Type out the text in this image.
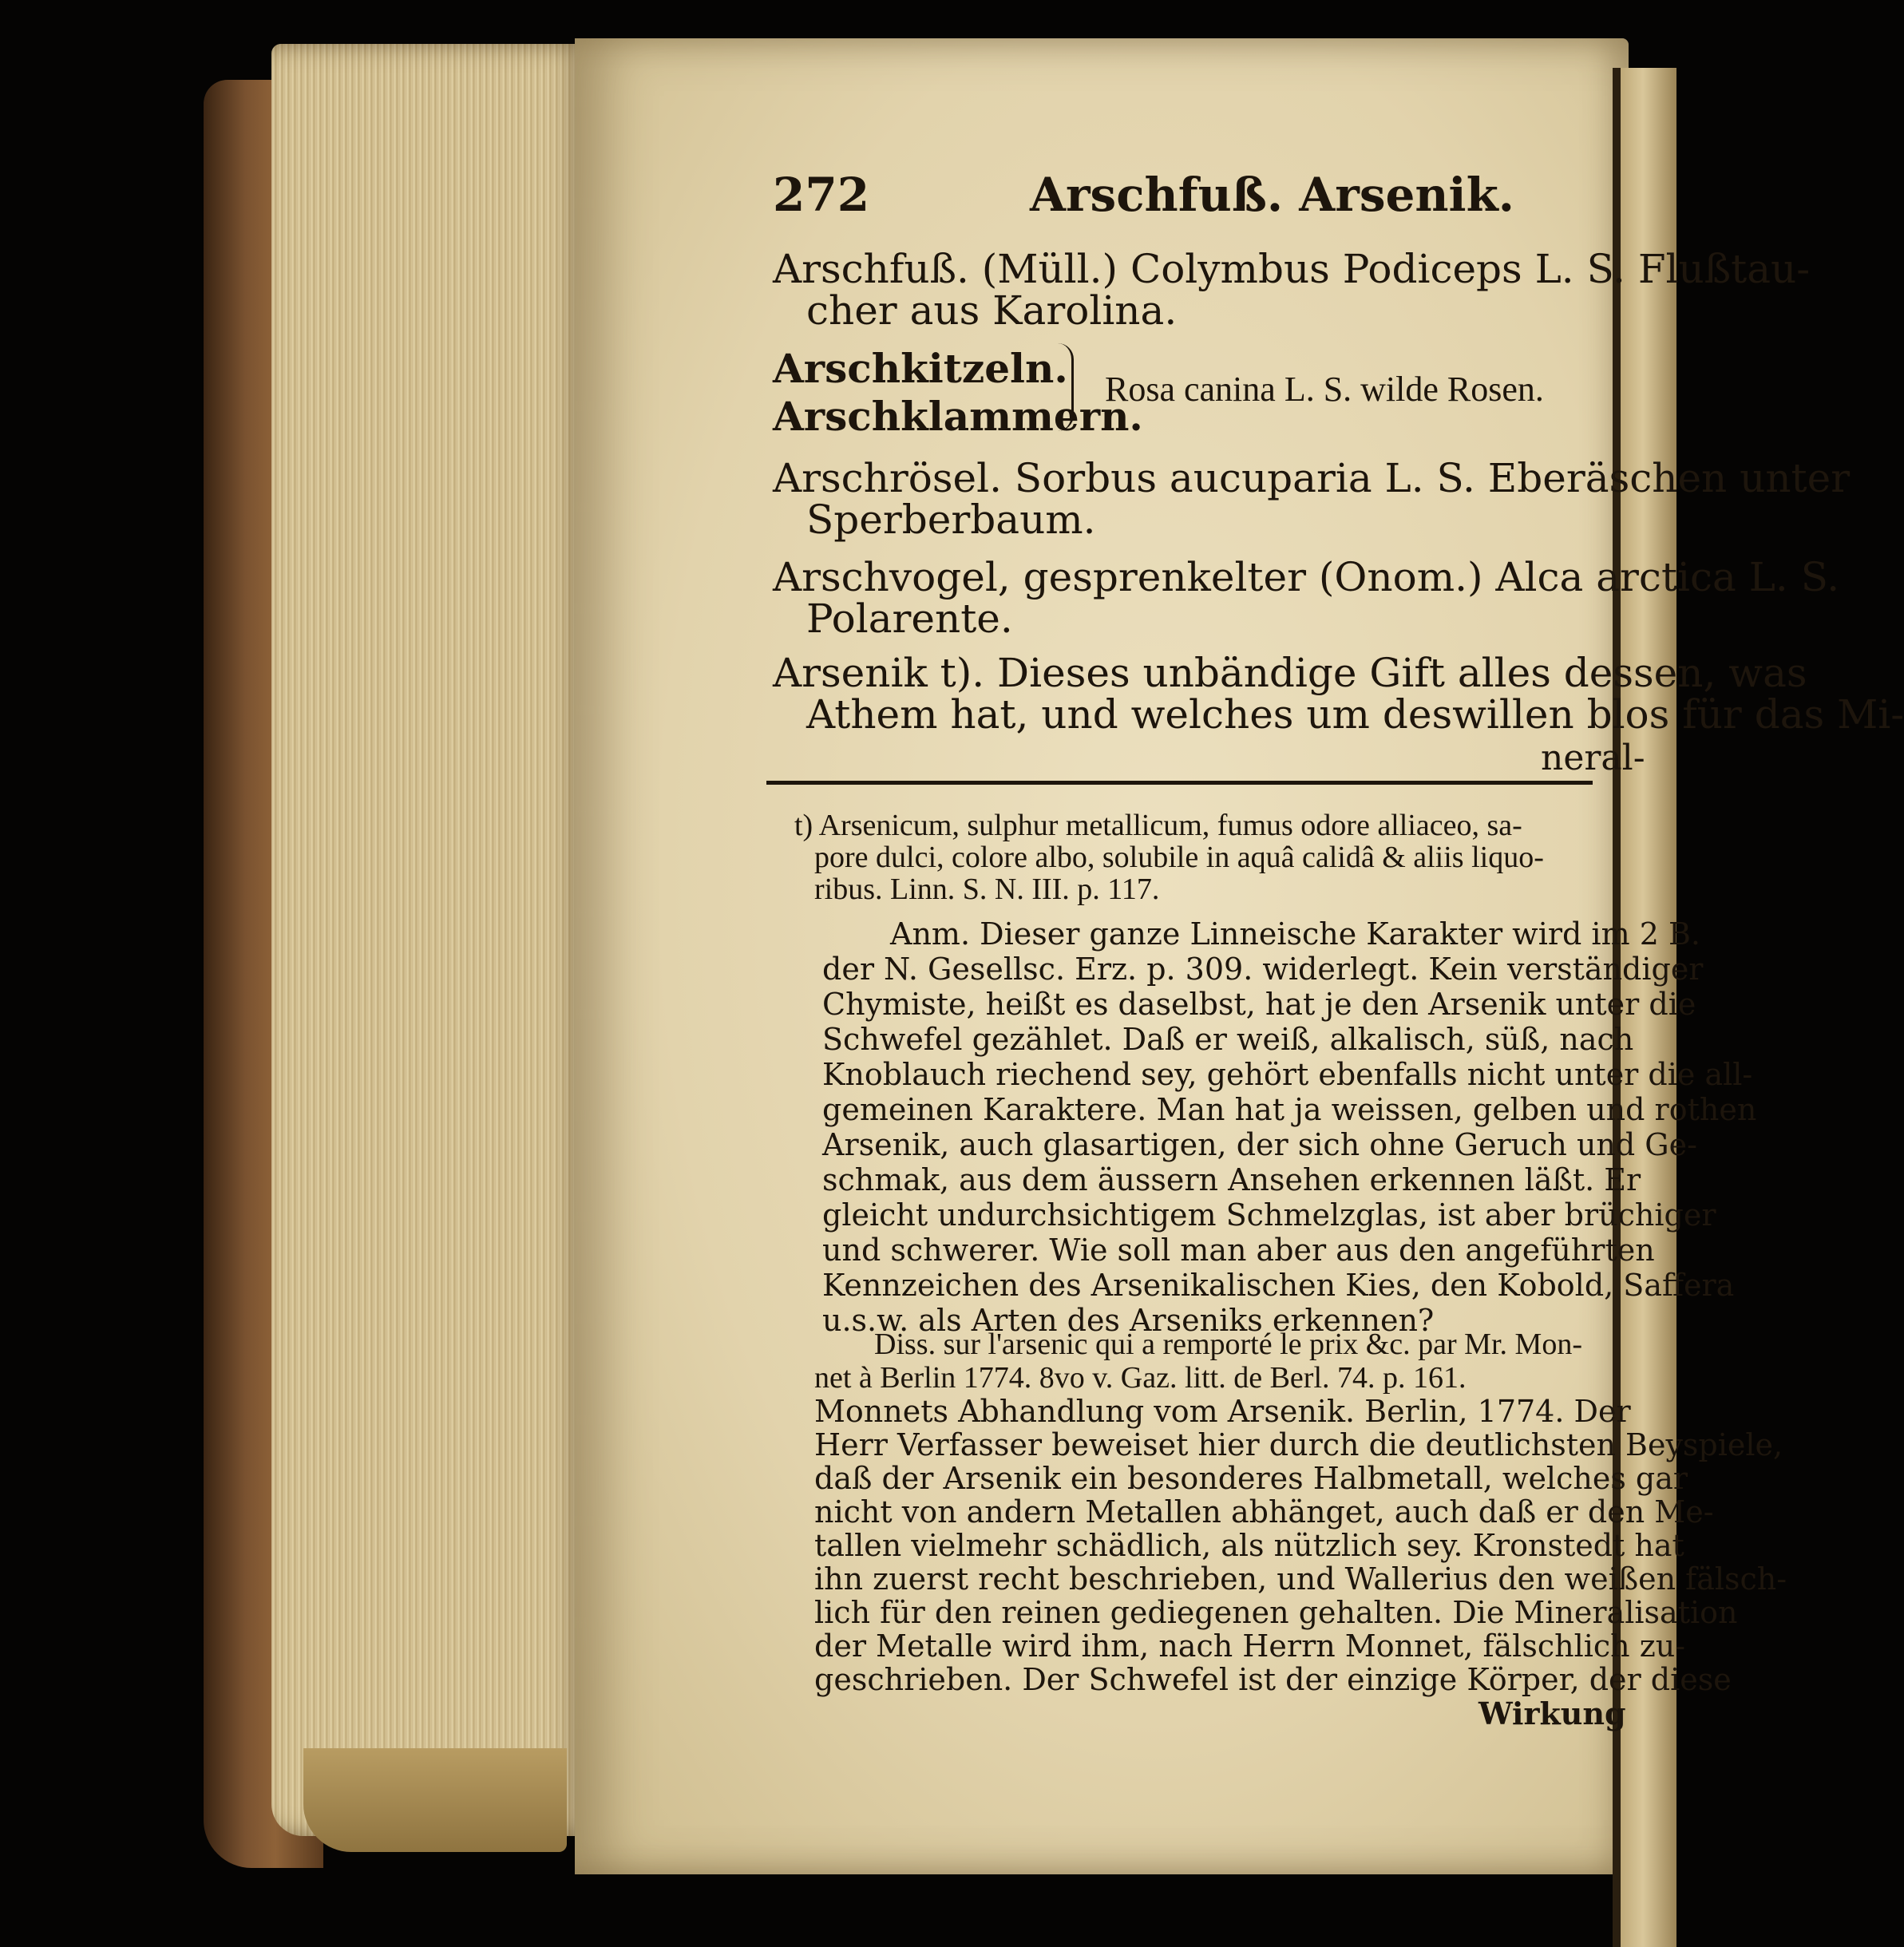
272	Arschfuß. Arsenik.
Arschfuß. (Müll.) Colymbus Podiceps L. S. Flußtau-
cher aus Karolina.
Arschkitzeln.
Arschklammern.
Rosa canina L. S. wilde Rosen.
Arschrösel. Sorbus aucuparia L. S. Eberäschen unter
Sperberbaum.
Arschvogel, gesprenkelter (Onom.) Alca arctica L. S.
Polarente.
Arsenik t). Dieses unbändige Gift alles dessen, was
Athem hat, und welches um deswillen blos für das Mi-
neral-
t) Arsenicum, sulphur metallicum, fumus odore alliaceo, sa-
pore dulci, colore albo, solubile in aquâ calidâ & aliis liquo-
ribus. Linn. S. N. III. p. 117.
Anm. Dieser ganze Linneische Karakter wird im 2 B.
der N. Gesellsc. Erz. p. 309. widerlegt. Kein verständiger
Chymiste, heißt es daselbst, hat je den Arsenik unter die
Schwefel gezählet. Daß er weiß, alkalisch, süß, nach
Knoblauch riechend sey, gehört ebenfalls nicht unter die all-
gemeinen Karaktere. Man hat ja weissen, gelben und rothen
Arsenik, auch glasartigen, der sich ohne Geruch und Ge-
schmak, aus dem äussern Ansehen erkennen läßt. Er
gleicht undurchsichtigem Schmelzglas, ist aber brüchiger
und schwerer. Wie soll man aber aus den angeführten
Kennzeichen des Arsenikalischen Kies, den Kobold, Saffera
u.s.w. als Arten des Arseniks erkennen?
Diss. sur l'arsenic qui a remporté le prix &c. par Mr. Mon-
net à Berlin 1774. 8vo v. Gaz. litt. de Berl. 74. p. 161.
Monnets Abhandlung vom Arsenik. Berlin, 1774. Der
Herr Verfasser beweiset hier durch die deutlichsten Beyspiele,
daß der Arsenik ein besonderes Halbmetall, welches gar
nicht von andern Metallen abhänget, auch daß er den Me-
tallen vielmehr schädlich, als nützlich sey. Kronstedt hat
ihn zuerst recht beschrieben, und Wallerius den weißen fälsch-
lich für den reinen gediegenen gehalten. Die Mineralisation
der Metalle wird ihm, nach Herrn Monnet, fälschlich zu-
geschrieben. Der Schwefel ist der einzige Körper, der diese
Wirkung
